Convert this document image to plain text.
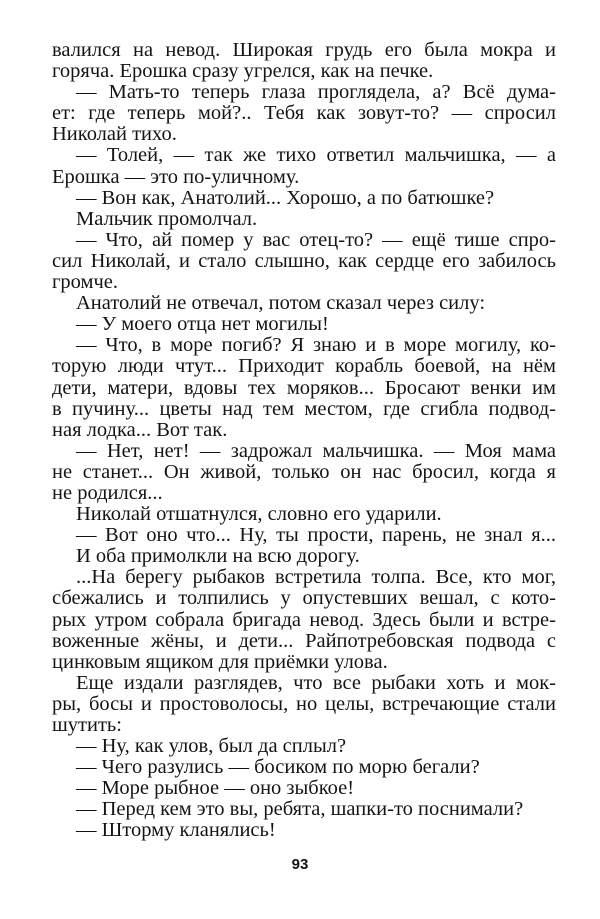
валился на невод. Широкая грудь его была мокра и
горяча. Ерошка сразу угрелся, как на печке.
— Мать-то теперь глаза проглядела, а? Всё дума-
ет: где теперь мой?.. Тебя как зовут-то? — спросил
Николай тихо.
— Толей, — так же тихо ответил мальчишка, — а
Ерошка — это по-уличному.
— Вон как, Анатолий... Хорошо, а по батюшке?
Мальчик промолчал.
— Что, ай помер у вас отец-то? — ещё тише спро-
сил Николай, и стало слышно, как сердце его забилось
громче.
Анатолий не отвечал, потом сказал через силу:
— У моего отца нет могилы!
— Что, в море погиб? Я знаю и в море могилу, ко-
торую люди чтут... Приходит корабль боевой, на нём
дети, матери, вдовы тех моряков... Бросают венки им
в пучину... цветы над тем местом, где сгибла подвод-
ная лодка... Вот так.
— Нет, нет! — задрожал мальчишка. — Моя мама
не станет... Он живой, только он нас бросил, когда я
не родился...
Николай отшатнулся, словно его ударили.
— Вот оно что... Ну, ты прости, парень, не знал я...
И оба примолкли на всю дорогу.
...На берегу рыбаков встретила толпа. Все, кто мог,
сбежались и толпились у опустевших вешал, с кото-
рых утром собрала бригада невод. Здесь были и встре-
воженные жёны, и дети... Райпотребовская подвода с
цинковым ящиком для приёмки улова.
Еще издали разглядев, что все рыбаки хоть и мок-
ры, босы и простоволосы, но целы, встречающие стали
шутить:
— Ну, как улов, был да сплыл?
— Чего разулись — босиком по морю бегали?
— Море рыбное — оно зыбкое!
— Перед кем это вы, ребята, шапки-то поснимали?
— Шторму кланялись!
93
